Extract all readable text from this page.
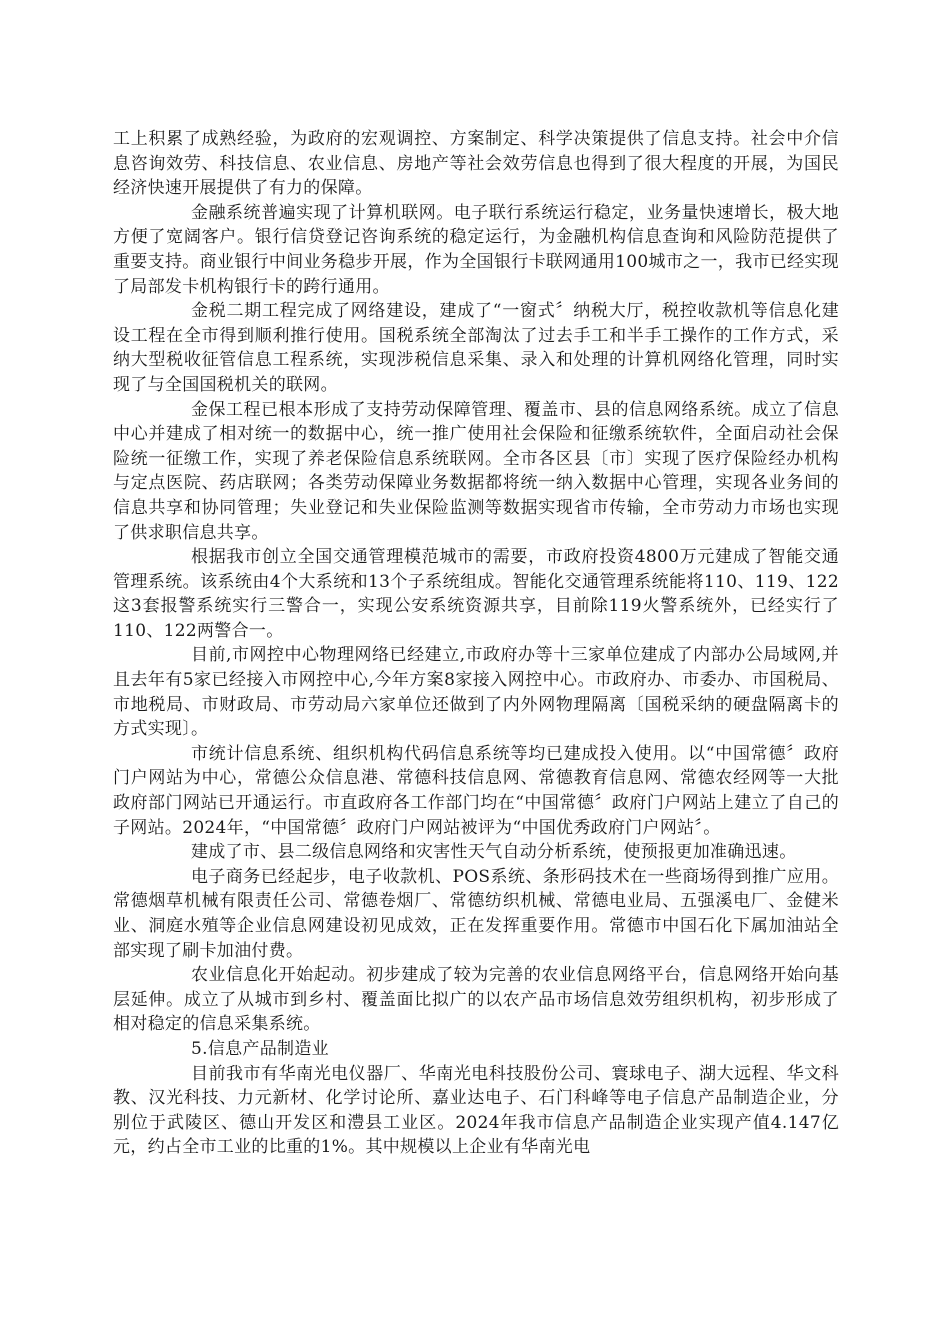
工上积累了成熟经验，为政府的宏观调控、方案制定、科学决策提供了信息支持。社会中介信息咨询效劳、科技信息、农业信息、房地产等社会效劳信息也得到了很大程度的开展，为国民经济快速开展提供了有力的保障。

金融系统普遍实现了计算机联网。电子联行系统运行稳定，业务量快速增长，极大地方便了宽阔客户。银行信贷登记咨询系统的稳定运行，为金融机构信息查询和风险防范提供了重要支持。商业银行中间业务稳步开展，作为全国银行卡联网通用100城市之一，我市已经实现了局部发卡机构银行卡的跨行通用。

金税二期工程完成了网络建设，建成了“一窗式〞纳税大厅，税控收款机等信息化建设工程在全市得到顺利推行使用。国税系统全部淘汰了过去手工和半手工操作的工作方式，采纳大型税收征管信息工程系统，实现涉税信息采集、录入和处理的计算机网络化管理，同时实现了与全国国税机关的联网。

金保工程已根本形成了支持劳动保障管理、覆盖市、县的信息网络系统。成立了信息中心并建成了相对统一的数据中心，统一推广使用社会保险和征缴系统软件，全面启动社会保险统一征缴工作，实现了养老保险信息系统联网。全市各区县〔市〕实现了医疗保险经办机构与定点医院、药店联网；各类劳动保障业务数据都将统一纳入数据中心管理，实现各业务间的信息共享和协同管理；失业登记和失业保险监测等数据实现省市传输，全市劳动力市场也实现了供求职信息共享。

根据我市创立全国交通管理模范城市的需要，市政府投资4800万元建成了智能交通管理系统。该系统由4个大系统和13个子系统组成。智能化交通管理系统能将110、119、122这3套报警系统实行三警合一，实现公安系统资源共享，目前除119火警系统外，已经实行了110、122两警合一。

目前,市网控中心物理网络已经建立,市政府办等十三家单位建成了内部办公局域网,并且去年有5家已经接入市网控中心,今年方案8家接入网控中心。市政府办、市委办、市国税局、市地税局、市财政局、市劳动局六家单位还做到了内外网物理隔离〔国税采纳的硬盘隔离卡的方式实现〕。

市统计信息系统、组织机构代码信息系统等均已建成投入使用。以“中国常德〞政府门户网站为中心，常德公众信息港、常德科技信息网、常德教育信息网、常德农经网等一大批政府部门网站已开通运行。市直政府各工作部门均在“中国常德〞政府门户网站上建立了自己的子网站。2024年，“中国常德〞政府门户网站被评为“中国优秀政府门户网站〞。

建成了市、县二级信息网络和灾害性天气自动分析系统，使预报更加准确迅速。

电子商务已经起步，电子收款机、POS系统、条形码技术在一些商场得到推广应用。常德烟草机械有限责任公司、常德卷烟厂、常德纺织机械、常德电业局、五强溪电厂、金健米业、洞庭水殖等企业信息网建设初见成效，正在发挥重要作用。常德市中国石化下属加油站全部实现了刷卡加油付费。

农业信息化开始起动。初步建成了较为完善的农业信息网络平台，信息网络开始向基层延伸。成立了从城市到乡村、覆盖面比拟广的以农产品市场信息效劳组织机构，初步形成了相对稳定的信息采集系统。

5.信息产品制造业

目前我市有华南光电仪器厂、华南光电科技股份公司、寰球电子、湖大远程、华文科教、汉光科技、力元新材、化学讨论所、嘉业达电子、石门科峰等电子信息产品制造企业，分别位于武陵区、德山开发区和澧县工业区。2024年我市信息产品制造企业实现产值4.147亿元，约占全市工业的比重的1%。其中规模以上企业有华南光电
